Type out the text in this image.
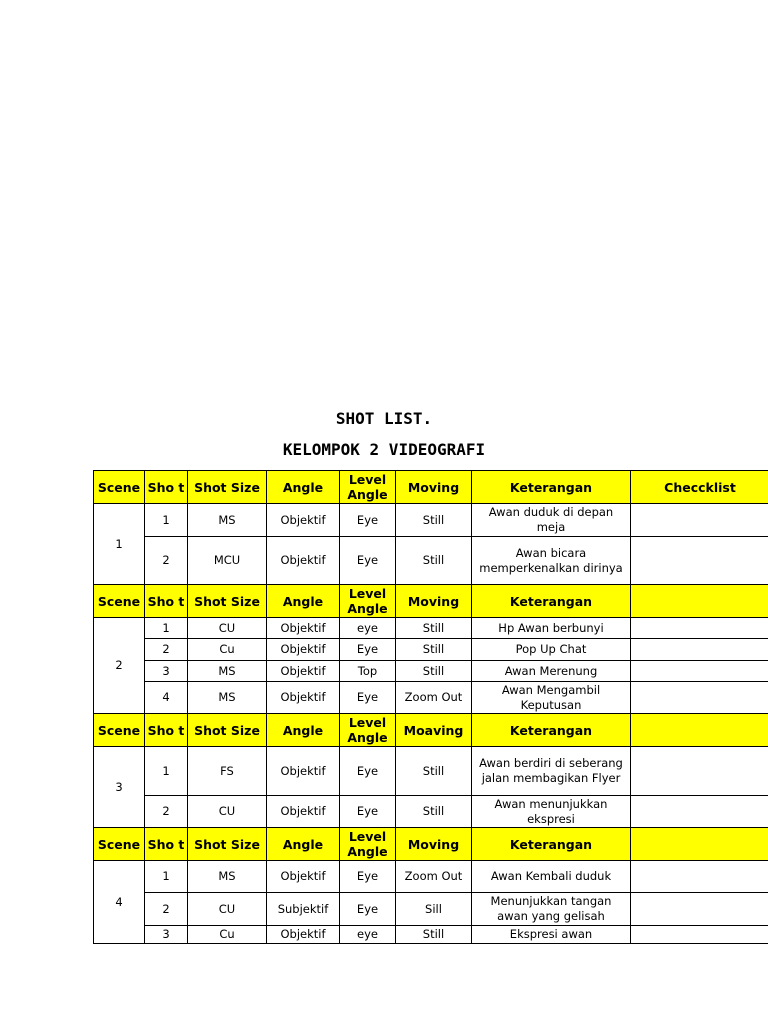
SHOT LIST.
KELOMPOK 2 VIDEOGRAFI
Scene	Sho t	Shot Size	Angle	Level Angle	Moving	Keterangan	Checcklist
1	1	MS	Objektif	Eye	Still	Awan duduk di depan meja	
	2	MCU	Objektif	Eye	Still	Awan bicara memperkenalkan dirinya	
Scene	Sho t	Shot Size	Angle	Level Angle	Moving	Keterangan	
2	1	CU	Objektif	eye	Still	Hp Awan berbunyi	
	2	Cu	Objektif	Eye	Still	Pop Up Chat	
	3	MS	Objektif	Top	Still	Awan Merenung	
	4	MS	Objektif	Eye	Zoom Out	Awan Mengambil Keputusan	
Scene	Sho t	Shot Size	Angle	Level Angle	Moaving	Keterangan	
3	1	FS	Objektif	Eye	Still	Awan berdiri di seberang jalan membagikan Flyer	
	2	CU	Objektif	Eye	Still	Awan menunjukkan ekspresi	
Scene	Sho t	Shot Size	Angle	Level Angle	Moving	Keterangan	
4	1	MS	Objektif	Eye	Zoom Out	Awan Kembali duduk	
	2	CU	Subjektif	Eye	Sill	Menunjukkan tangan awan yang gelisah	
	3	Cu	Objektif	eye	Still	Ekspresi awan	
